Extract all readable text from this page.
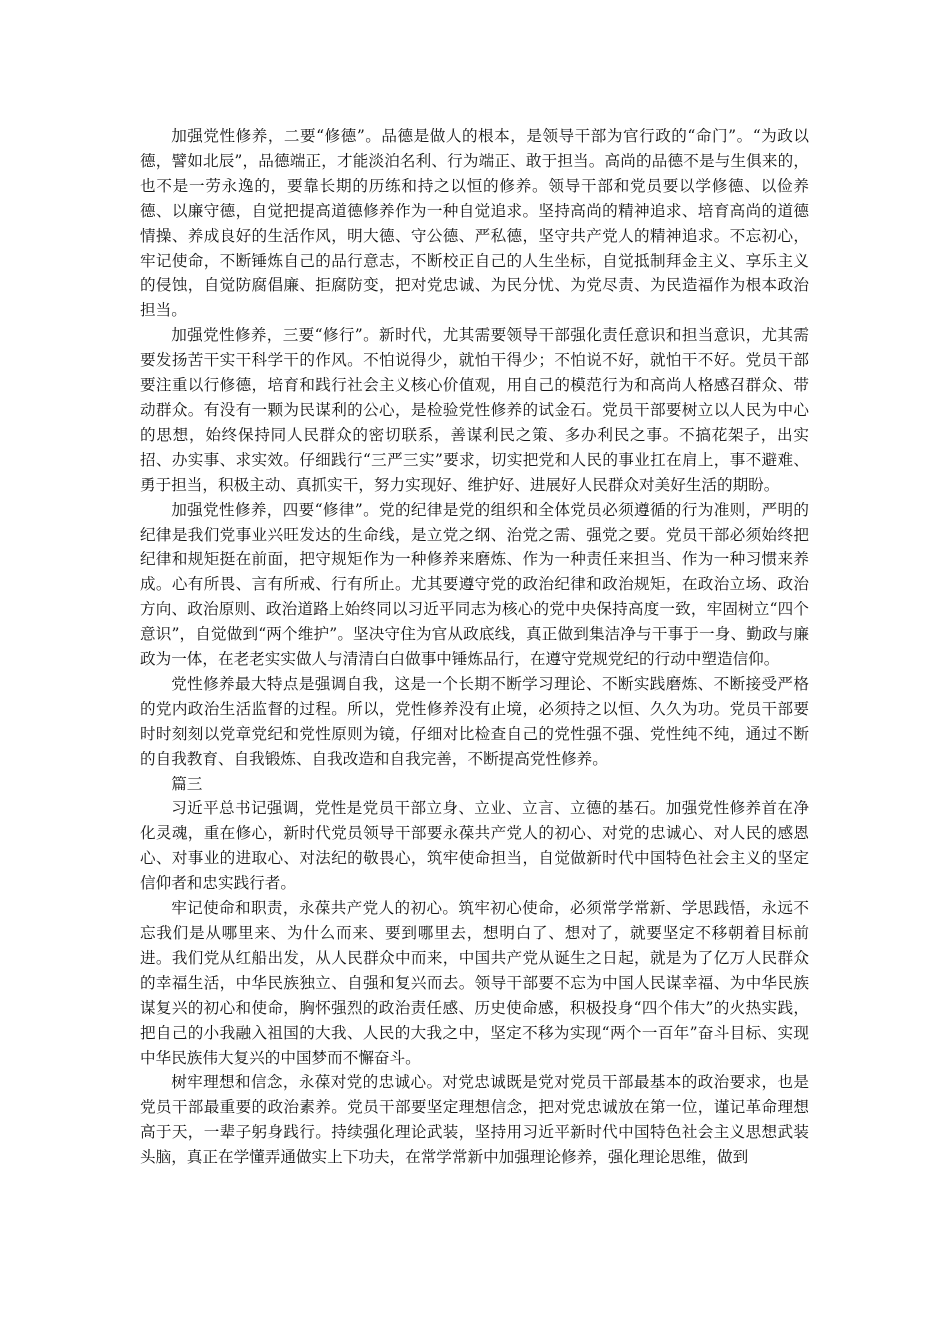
加强党性修养，二要“修德”。品德是做人的根本，是领导干部为官行政的“命门”。“为政以德，譬如北辰”，品德端正，才能淡泊名利、行为端正、敢于担当。高尚的品德不是与生俱来的，也不是一劳永逸的，要靠长期的历练和持之以恒的修养。领导干部和党员要以学修德、以俭养德、以廉守德，自觉把提高道德修养作为一种自觉追求。坚持高尚的精神追求、培育高尚的道德情操、养成良好的生活作风，明大德、守公德、严私德，坚守共产党人的精神追求。不忘初心，牢记使命，不断锤炼自己的品行意志，不断校正自己的人生坐标，自觉抵制拜金主义、享乐主义的侵蚀，自觉防腐倡廉、拒腐防变，把对党忠诚、为民分忧、为党尽责、为民造福作为根本政治担当。

加强党性修养，三要“修行”。新时代，尤其需要领导干部强化责任意识和担当意识，尤其需要发扬苦干实干科学干的作风。不怕说得少，就怕干得少；不怕说不好，就怕干不好。党员干部要注重以行修德，培育和践行社会主义核心价值观，用自己的模范行为和高尚人格感召群众、带动群众。有没有一颗为民谋利的公心，是检验党性修养的试金石。党员干部要树立以人民为中心的思想，始终保持同人民群众的密切联系，善谋利民之策、多办利民之事。不搞花架子，出实招、办实事、求实效。仔细践行“三严三实”要求，切实把党和人民的事业扛在肩上，事不避难、勇于担当，积极主动、真抓实干，努力实现好、维护好、进展好人民群众对美好生活的期盼。

加强党性修养，四要“修律”。党的纪律是党的组织和全体党员必须遵循的行为准则，严明的纪律是我们党事业兴旺发达的生命线，是立党之纲、治党之需、强党之要。党员干部必须始终把纪律和规矩挺在前面，把守规矩作为一种修养来磨炼、作为一种责任来担当、作为一种习惯来养成。心有所畏、言有所戒、行有所止。尤其要遵守党的政治纪律和政治规矩，在政治立场、政治方向、政治原则、政治道路上始终同以习近平同志为核心的党中央保持高度一致，牢固树立“四个意识”，自觉做到“两个维护”。坚决守住为官从政底线，真正做到集洁净与干事于一身、勤政与廉政为一体，在老老实实做人与清清白白做事中锤炼品行，在遵守党规党纪的行动中塑造信仰。

党性修养最大特点是强调自我，这是一个长期不断学习理论、不断实践磨炼、不断接受严格的党内政治生活监督的过程。所以，党性修养没有止境，必须持之以恒、久久为功。党员干部要时时刻刻以党章党纪和党性原则为镜，仔细对比检查自己的党性强不强、党性纯不纯，通过不断的自我教育、自我锻炼、自我改造和自我完善，不断提高党性修养。

篇三

习近平总书记强调，党性是党员干部立身、立业、立言、立德的基石。加强党性修养首在净化灵魂，重在修心，新时代党员领导干部要永葆共产党人的初心、对党的忠诚心、对人民的感恩心、对事业的进取心、对法纪的敬畏心，筑牢使命担当，自觉做新时代中国特色社会主义的坚定信仰者和忠实践行者。

牢记使命和职责，永葆共产党人的初心。筑牢初心使命，必须常学常新、学思践悟，永远不忘我们是从哪里来、为什么而来、要到哪里去，想明白了、想对了，就要坚定不移朝着目标前进。我们党从红船出发，从人民群众中而来，中国共产党从诞生之日起，就是为了亿万人民群众的幸福生活，中华民族独立、自强和复兴而去。领导干部要不忘为中国人民谋幸福、为中华民族谋复兴的初心和使命，胸怀强烈的政治责任感、历史使命感，积极投身“四个伟大”的火热实践，把自己的小我融入祖国的大我、人民的大我之中，坚定不移为实现“两个一百年”奋斗目标、实现中华民族伟大复兴的中国梦而不懈奋斗。

树牢理想和信念，永葆对党的忠诚心。对党忠诚既是党对党员干部最基本的政治要求，也是党员干部最重要的政治素养。党员干部要坚定理想信念，把对党忠诚放在第一位，谨记革命理想高于天，一辈子躬身践行。持续强化理论武装，坚持用习近平新时代中国特色社会主义思想武装头脑，真正在学懂弄通做实上下功夫，在常学常新中加强理论修养，强化理论思维，做到
